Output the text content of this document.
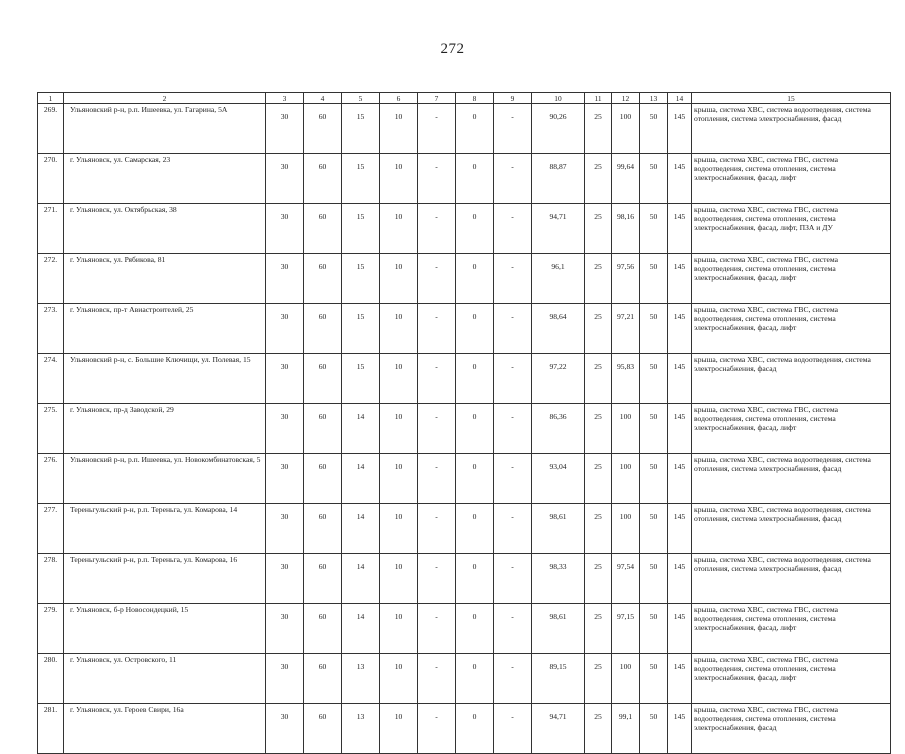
272
1	2	3	4	5	6	7	8	9	10	11	12	13	14	15
269.	Ульяновский р-н, р.п. Ишеевка, ул. Гагарина, 5А	30	60	15	10	-	0	-	90,26	25	100	50	145	крыша, система ХВС, система водоотведения, система отопления, система электроснабжения, фасад
270.	г. Ульяновск, ул. Самарская, 23	30	60	15	10	-	0	-	88,87	25	99,64	50	145	крыша, система ХВС, система ГВС, система водоотведения, система отопления, система электроснабжения, фасад, лифт
271.	г. Ульяновск, ул. Октябрьская, 38	30	60	15	10	-	0	-	94,71	25	98,16	50	145	крыша, система ХВС, система ГВС, система водоотведения, система отопления, система электроснабжения, фасад, лифт, ПЗА и ДУ
272.	г. Ульяновск, ул. Рябикова, 81	30	60	15	10	-	0	-	96,1	25	97,56	50	145	крыша, система ХВС, система ГВС, система водоотведения, система отопления, система электроснабжения, фасад, лифт
273.	г. Ульяновск, пр-т Авиастроителей, 25	30	60	15	10	-	0	-	98,64	25	97,21	50	145	крыша, система ХВС, система ГВС, система водоотведения, система отопления, система электроснабжения, фасад, лифт
274.	Ульяновский р-н, с. Большие Ключищи, ул. Полевая, 15	30	60	15	10	-	0	-	97,22	25	95,83	50	145	крыша, система ХВС, система водоотведения, система электроснабжения, фасад
275.	г. Ульяновск, пр-д Заводской, 29	30	60	14	10	-	0	-	86,36	25	100	50	145	крыша, система ХВС, система ГВС, система водоотведения, система отопления, система электроснабжения, фасад, лифт
276.	Ульяновский р-н, р.п. Ишеевка, ул. Новокомбинатовская, 5	30	60	14	10	-	0	-	93,04	25	100	50	145	крыша, система ХВС, система водоотведения, система отопления, система электроснабжения, фасад
277.	Тереньгульский р-н, р.п. Тереньга, ул. Комарова, 14	30	60	14	10	-	0	-	98,61	25	100	50	145	крыша, система ХВС, система водоотведения, система отопления, система электроснабжения, фасад
278.	Тереньгульский р-н, р.п. Тереньга, ул. Комарова, 16	30	60	14	10	-	0	-	98,33	25	97,54	50	145	крыша, система ХВС, система водоотведения, система отопления, система электроснабжения, фасад
279.	г. Ульяновск, б-р Новосондецкий, 15	30	60	14	10	-	0	-	98,61	25	97,15	50	145	крыша, система ХВС, система ГВС, система водоотведения, система отопления, система электроснабжения, фасад, лифт
280.	г. Ульяновск, ул. Островского, 11	30	60	13	10	-	0	-	89,15	25	100	50	145	крыша, система ХВС, система ГВС, система водоотведения, система отопления, система электроснабжения, фасад, лифт
281.	г. Ульяновск, ул. Героев Свири, 16а	30	60	13	10	-	0	-	94,71	25	99,1	50	145	крыша, система ХВС, система ГВС, система водоотведения, система отопления, система электроснабжения, фасад
